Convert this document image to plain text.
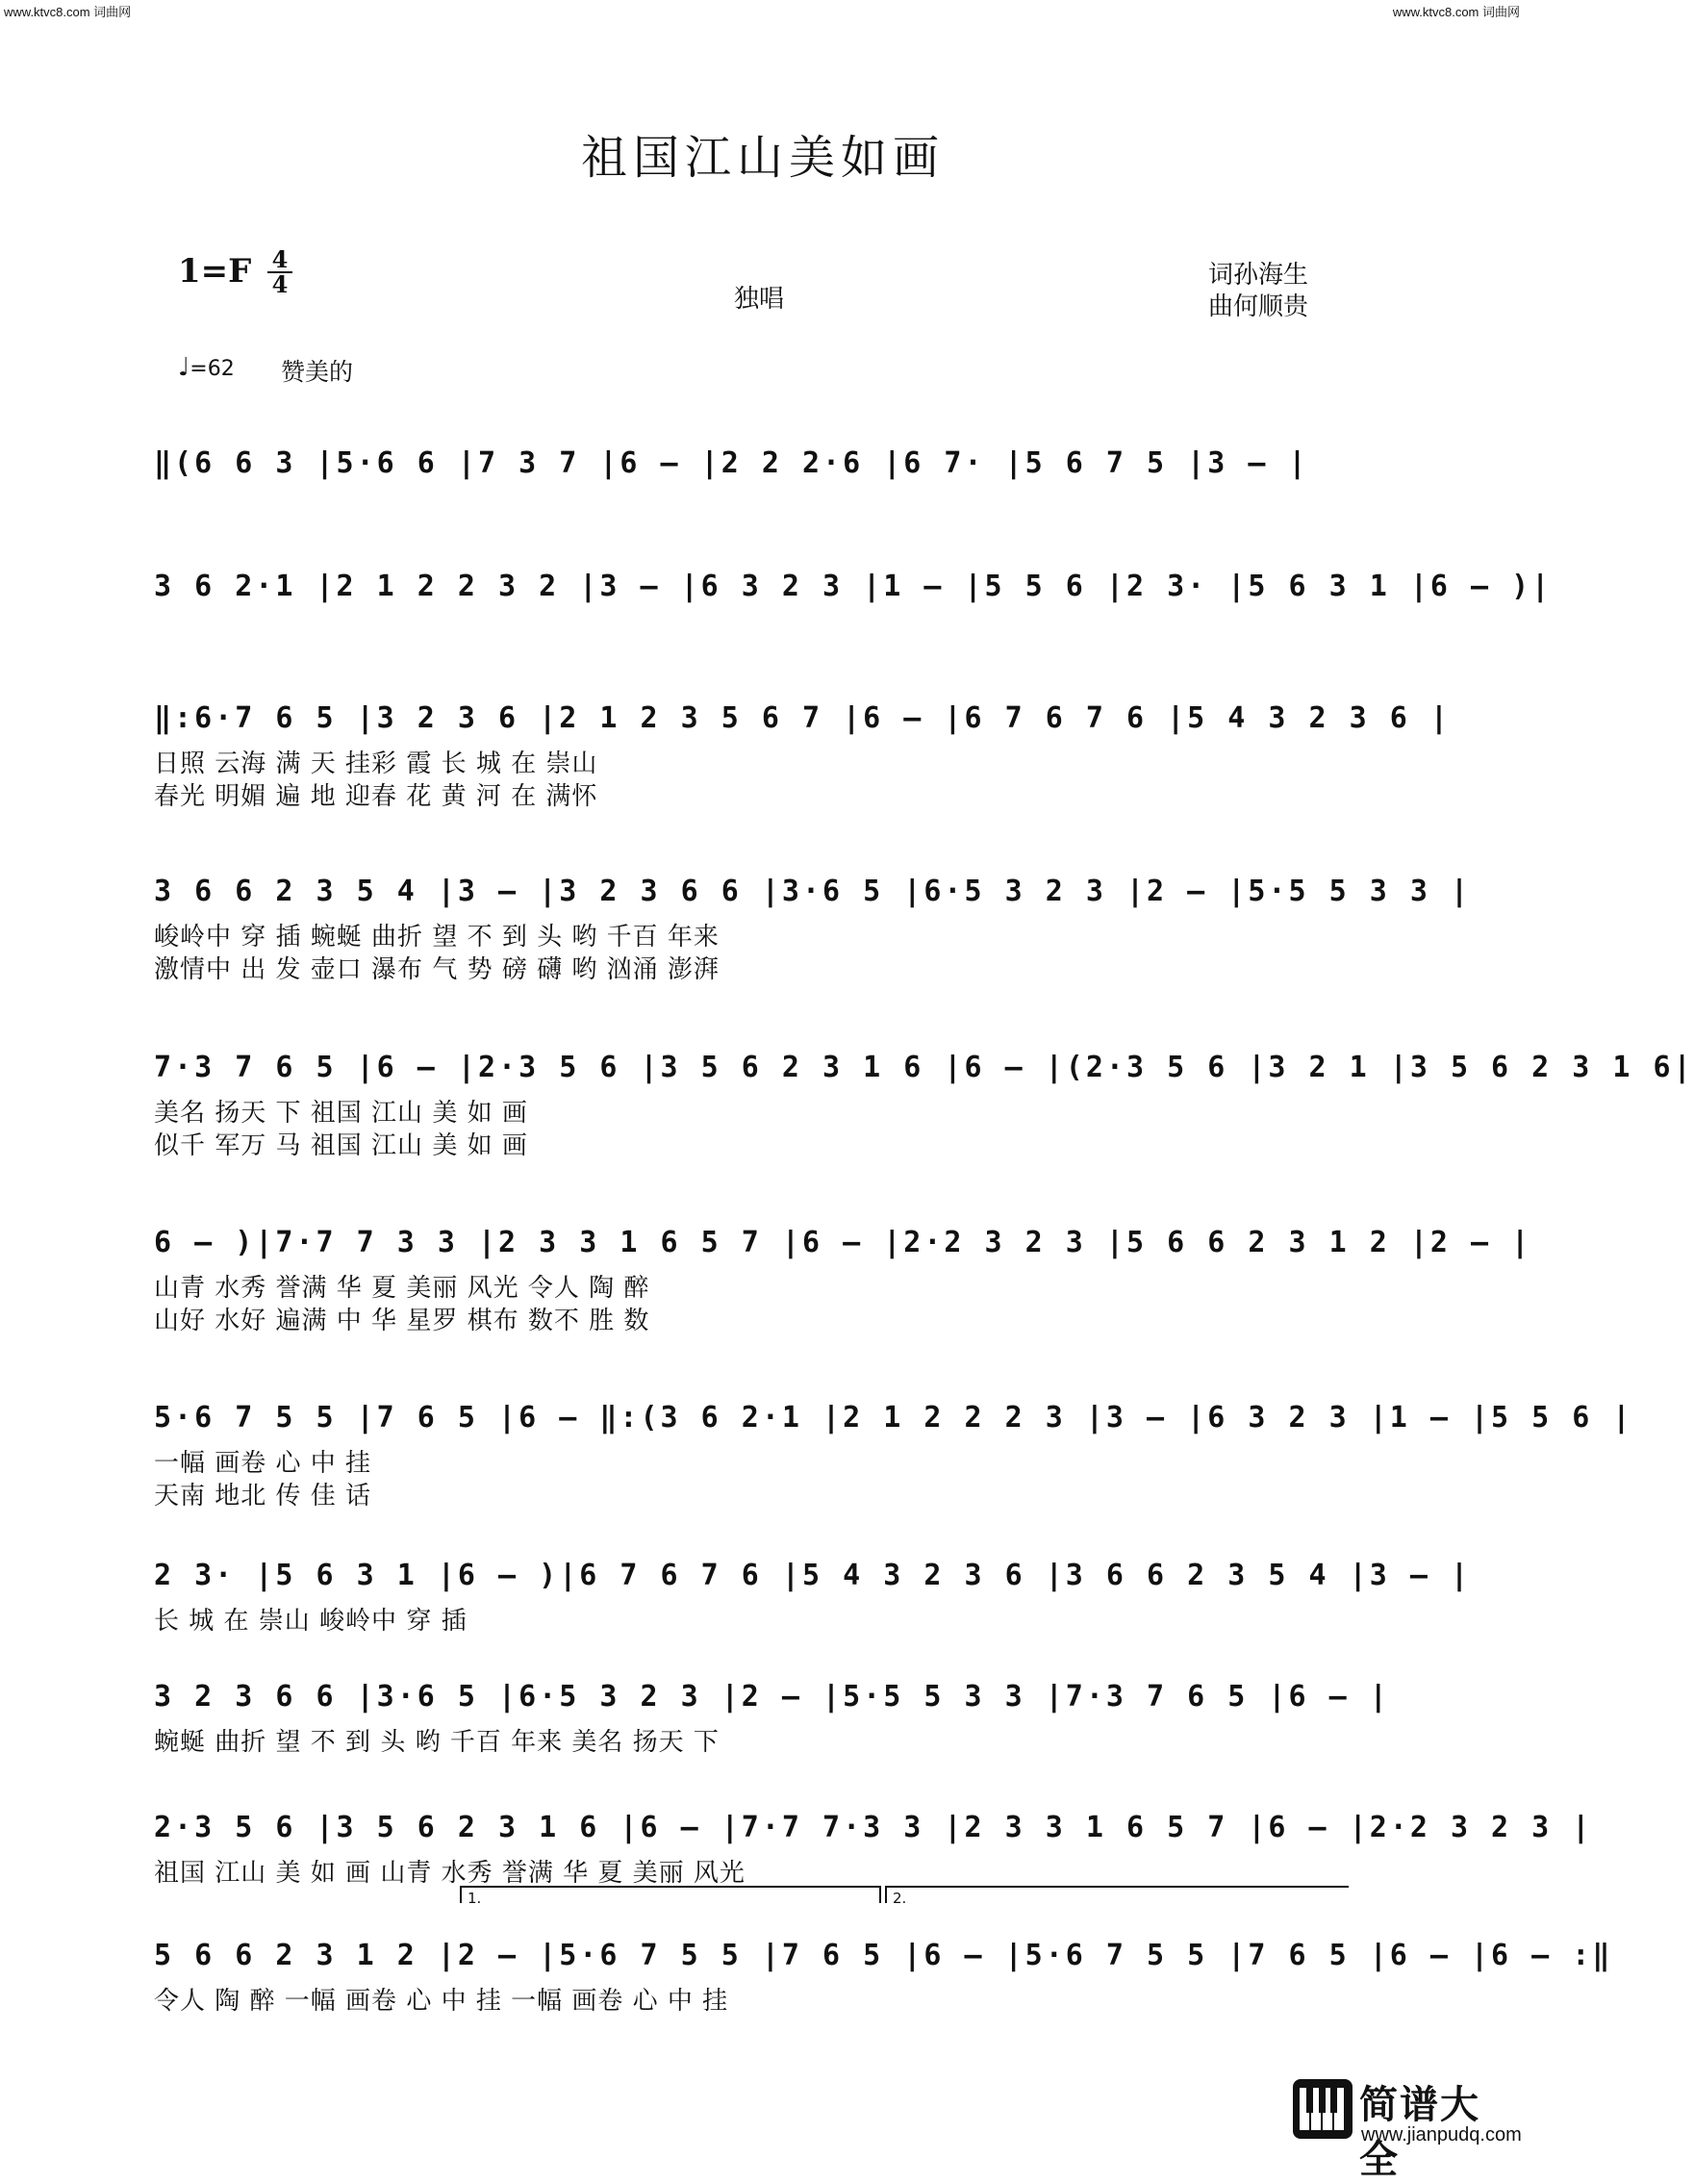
www.ktvc8.com 词曲网	www.ktvc8.com 词曲网
祖国江山美如画
$1=F \frac{4}{4}$
独唱
词孙海生
曲何顺贵
♩=62 赞美的
‖(6 6 3 |5·6 6 |7 3 7 |6 – |2 2 2·6 |6 7· |5 6 7 5 |3 – |
3 6 2·1 |2 1 2 2 3 2 |3 – |6 3 2 3 |1 – |5 5 6 |2 3· |5 6 3 1 |6 – )|
‖:6·7 6 5 |3 2 3 6 |2 1 2 3 5 6 7 |6 – |6 7 6 7 6 |5 4 3 2 3 6 |
日照 云海 满 天 挂彩 霞 长 城 在 崇山
春光 明媚 遍 地 迎春 花 黄 河 在 满怀
3 6 6 2 3 5 4 |3 – |3 2 3 6 6 |3·6 5 |6·5 3 2 3 |2 – |5·5 5 3 3 |
峻岭中 穿 插 蜿蜒 曲折 望 不 到 头 哟 千百 年来
激情中 出 发 壶口 瀑布 气 势 磅 礴 哟 汹涌 澎湃
7·3 7 6 5 |6 – |2·3 5 6 |3 5 6 2 3 1 6 |6 – |(2·3 5 6 |3 2 1 |3 5 6 2 3 1 6|
美名 扬天 下 祖国 江山 美 如 画
似千 军万 马 祖国 江山 美 如 画
6 – )|7·7 7 3 3 |2 3 3 1 6 5 7 |6 – |2·2 3 2 3 |5 6 6 2 3 1 2 |2 – |
山青 水秀 誉满 华 夏 美丽 风光 令人 陶 醉
山好 水好 遍满 中 华 星罗 棋布 数不 胜 数
5·6 7 5 5 |7 6 5 |6 – ‖:(3 6 2·1 |2 1 2 2 2 3 |3 – |6 3 2 3 |1 – |5 5 6 |
一幅 画卷 心 中 挂
天南 地北 传 佳 话
2 3· |5 6 3 1 |6 – )|6 7 6 7 6 |5 4 3 2 3 6 |3 6 6 2 3 5 4 |3 – |
长 城 在 崇山 峻岭中 穿 插
3 2 3 6 6 |3·6 5 |6·5 3 2 3 |2 – |5·5 5 3 3 |7·3 7 6 5 |6 – |
蜿蜒 曲折 望 不 到 头 哟 千百 年来 美名 扬天 下
2·3 5 6 |3 5 6 2 3 1 6 |6 – |7·7 7·3 3 |2 3 3 1 6 5 7 |6 – |2·2 3 2 3 |
祖国 江山 美 如 画 山青 水秀 誉满 华 夏 美丽 风光
5 6 6 2 3 1 2 |2 – |5·6 7 5 5 |7 6 5 |6 – |5·6 7 5 5 |7 6 5 |6 – |6 – :‖
令人 陶 醉 一幅 画卷 心 中 挂 一幅 画卷 心 中 挂
1.	2.
简谱大全
www.jianpudq.com
